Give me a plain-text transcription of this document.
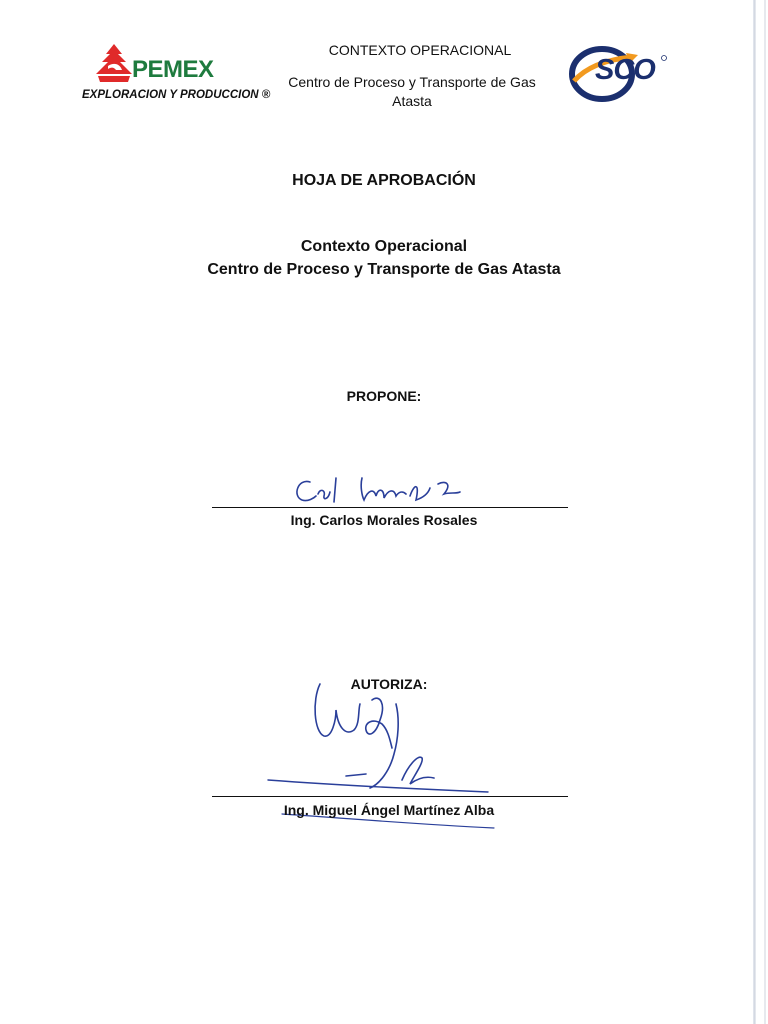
PEMEX
EXPLORACION Y PRODUCCION ®
CONTEXTO OPERACIONAL
Centro de Proceso y Transporte de Gas
Atasta
SCO
HOJA DE APROBACIÓN
Contexto Operacional
Centro de Proceso y Transporte de Gas Atasta
PROPONE:
Ing. Carlos Morales Rosales
AUTORIZA:
Ing. Miguel Ángel Martínez Alba
